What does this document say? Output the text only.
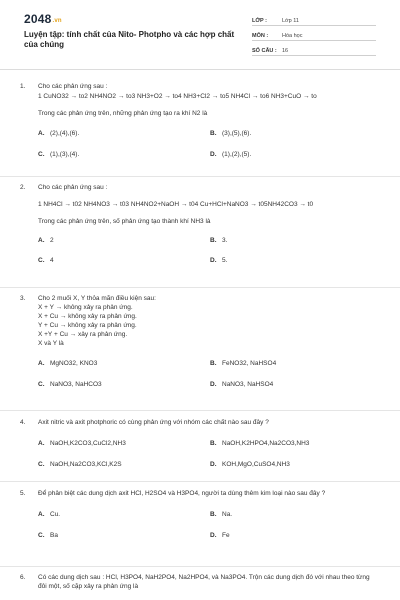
2048.vn
Luyện tập: tính chất của Nito- Photpho và các hợp chất của chúng
LỚP :	Lớp 11
MÔN :	Hóa học
SỐ CÂU : 16
1.	Cho các phản ứng sau :
1 CuNO32 → to2 NH4NO2 → to3 NH3+O2 → to4 NH3+Cl2 → to5 NH4Cl → to6 NH3+CuO → to
Trong các phản ứng trên, những phản ứng tạo ra khí N2 là
A. (2),(4),(6).	B. (3),(5),(6).
C. (1),(3),(4).	D. (1),(2),(5).
2.	Cho các phản ứng sau :
1 NH4Cl → t02 NH4NO3 → t03 NH4NO2+NaOH → t04 Cu+HCl+NaNO3 → t05NH42CO3 → t0
Trong các phản ứng trên, số phản ứng tạo thành khí NH3 là
A. 2	B. 3.
C. 4	D. 5.
3.	Cho 2 muối X, Y thỏa mãn điều kiện sau:
X + Y → không xảy ra phản ứng.
X + Cu → không xảy ra phản ứng.
Y + Cu → không xảy ra phản ứng.
X +Y + Cu → xảy ra phản ứng.
X và Y là
A. MgNO32, KNO3	B. FeNO32, NaHSO4
C. NaNO3, NaHCO3	D. NaNO3, NaHSO4
4.	Axit nitric và axit photphoric có cùng phản ứng với nhóm các chất nào sau đây ?
A. NaOH,K2CO3,CuCl2,NH3	B. NaOH,K2HPO4,Na2CO3,NH3
C. NaOH,Na2CO3,KCl,K2S	D. KOH,MgO,CuSO4,NH3
5.	Để phân biệt các dung dịch axit HCl, H2SO4 và H3PO4, người ta dùng thêm kim loại nào sau đây ?
A. Cu.	B. Na.
C. Ba	D. Fe
6.	Có các dung dịch sau : HCl, H3PO4, NaH2PO4, Na2HPO4, và Na3PO4. Trộn các dung dịch đó với nhau theo từng đôi một, số cặp xảy ra phản ứng là
